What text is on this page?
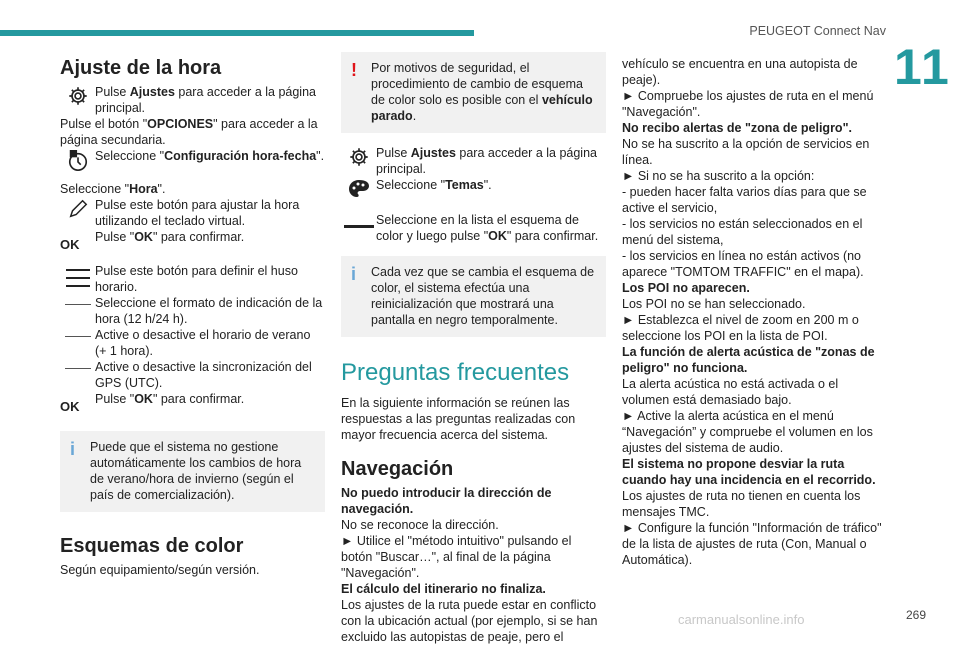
PEUGEOT Connect Nav
11
Ajuste de la hora

Pulse Ajustes para acceder a la página principal.

Pulse el botón "OPCIONES" para acceder a la página secundaria.

Seleccione "Configuración hora-fecha".

Seleccione "Hora".

Pulse este botón para ajustar la hora utilizando el teclado virtual.

OK	Pulse "OK" para confirmar.

Pulse este botón para definir el huso horario.

Seleccione el formato de indicación de la hora (12 h/24 h).

Active o desactive el horario de verano (+ 1 hora).

Active o desactive la sincronización del GPS (UTC).

OK	Pulse "OK" para confirmar.

i	Puede que el sistema no gestione automáticamente los cambios de hora de verano/hora de invierno (según el país de comercialización).

Esquemas de color

Según equipamiento/según versión.

!	Por motivos de seguridad, el procedimiento de cambio de esquema de color solo es posible con el vehículo parado.

Pulse Ajustes para acceder a la página principal.

Seleccione "Temas".

Seleccione en la lista el esquema de color y luego pulse "OK" para confirmar.

i	Cada vez que se cambia el esquema de color, el sistema efectúa una reinicialización que mostrará una pantalla en negro temporalmente.

Preguntas frecuentes

En la siguiente información se reúnen las respuestas a las preguntas realizadas con mayor frecuencia acerca del sistema.

Navegación

No puedo introducir la dirección de navegación.

No se reconoce la dirección.

► Utilice el "método intuitivo" pulsando el botón "Buscar…", al final de la página "Navegación".

El cálculo del itinerario no finaliza.

Los ajustes de la ruta puede estar en conflicto con la ubicación actual (por ejemplo, si se han excluido las autopistas de peaje, pero el

vehículo se encuentra en una autopista de peaje).

► Compruebe los ajustes de ruta en el menú "Navegación".

No recibo alertas de "zona de peligro".

No se ha suscrito a la opción de servicios en línea.

► Si no se ha suscrito a la opción:

- pueden hacer falta varios días para que se active el servicio,

- los servicios no están seleccionados en el menú del sistema,

- los servicios en línea no están activos (no aparece "TOMTOM TRAFFIC" en el mapa).

Los POI no aparecen.

Los POI no se han seleccionado.

► Establezca el nivel de zoom en 200 m o seleccione los POI en la lista de POI.

La función de alerta acústica de "zonas de peligro" no funciona.

La alerta acústica no está activada o el volumen está demasiado bajo.

► Active la alerta acústica en el menú “Navegación” y compruebe el volumen en los ajustes del sistema de audio.

El sistema no propone desviar la ruta cuando hay una incidencia en el recorrido.

Los ajustes de ruta no tienen en cuenta los mensajes TMC.

► Configure la función "Información de tráfico" de la lista de ajustes de ruta (Con, Manual o Automática).

carmanualsonline.info	269
